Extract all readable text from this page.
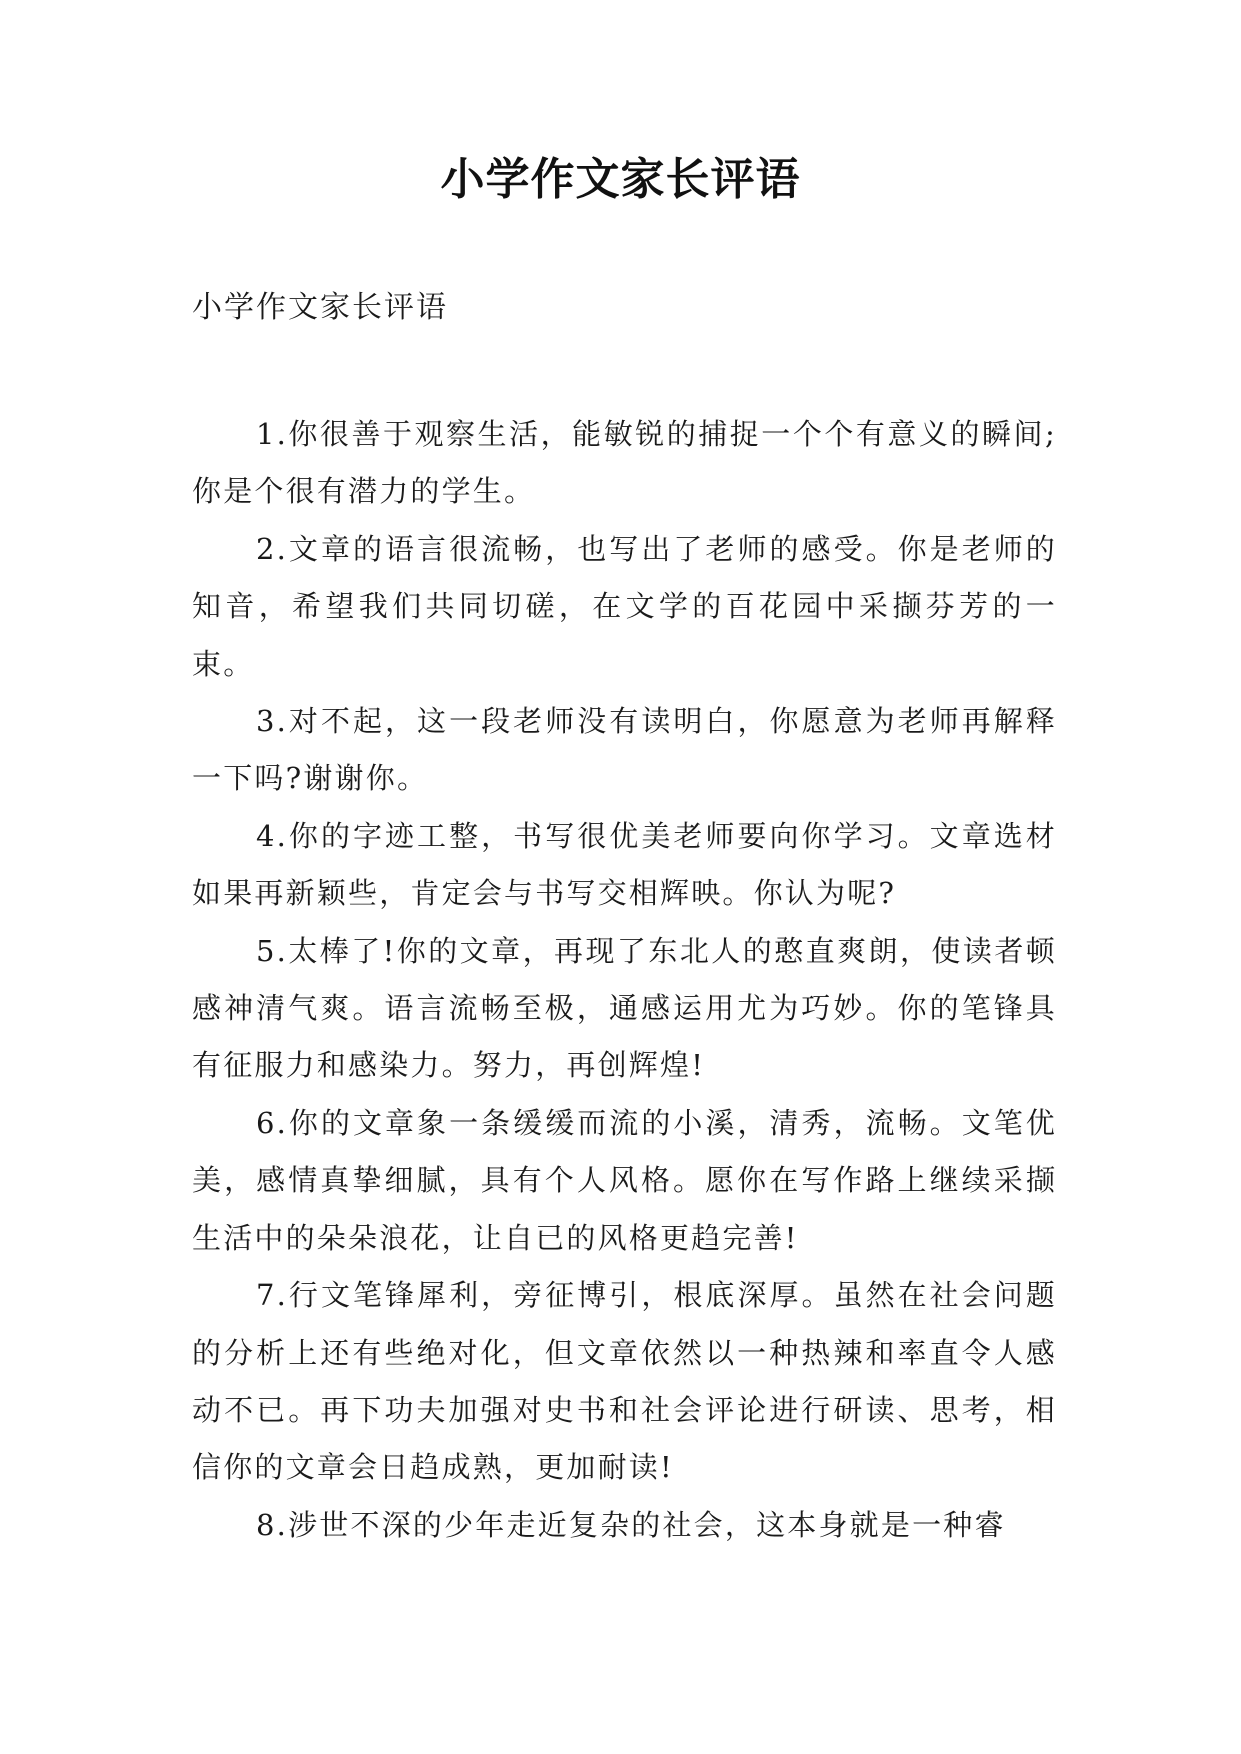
小学作文家长评语
小学作文家长评语

1.你很善于观察生活，能敏锐的捕捉一个个有意义的瞬间;你是个很有潜力的学生。

2.文章的语言很流畅，也写出了老师的感受。你是老师的知音，希望我们共同切磋，在文学的百花园中采撷芬芳的一束。

3.对不起，这一段老师没有读明白，你愿意为老师再解释一下吗?谢谢你。

4.你的字迹工整，书写很优美老师要向你学习。文章选材如果再新颖些，肯定会与书写交相辉映。你认为呢?

5.太棒了!你的文章，再现了东北人的憨直爽朗，使读者顿感神清气爽。语言流畅至极，通感运用尤为巧妙。你的笔锋具有征服力和感染力。努力，再创辉煌!

6.你的文章象一条缓缓而流的小溪，清秀，流畅。文笔优美，感情真挚细腻，具有个人风格。愿你在写作路上继续采撷生活中的朵朵浪花，让自已的风格更趋完善!

7.行文笔锋犀利，旁征博引，根底深厚。虽然在社会问题的分析上还有些绝对化，但文章依然以一种热辣和率直令人感动不已。再下功夫加强对史书和社会评论进行研读、思考，相信你的文章会日趋成熟，更加耐读!

8.涉世不深的少年走近复杂的社会，这本身就是一种睿
